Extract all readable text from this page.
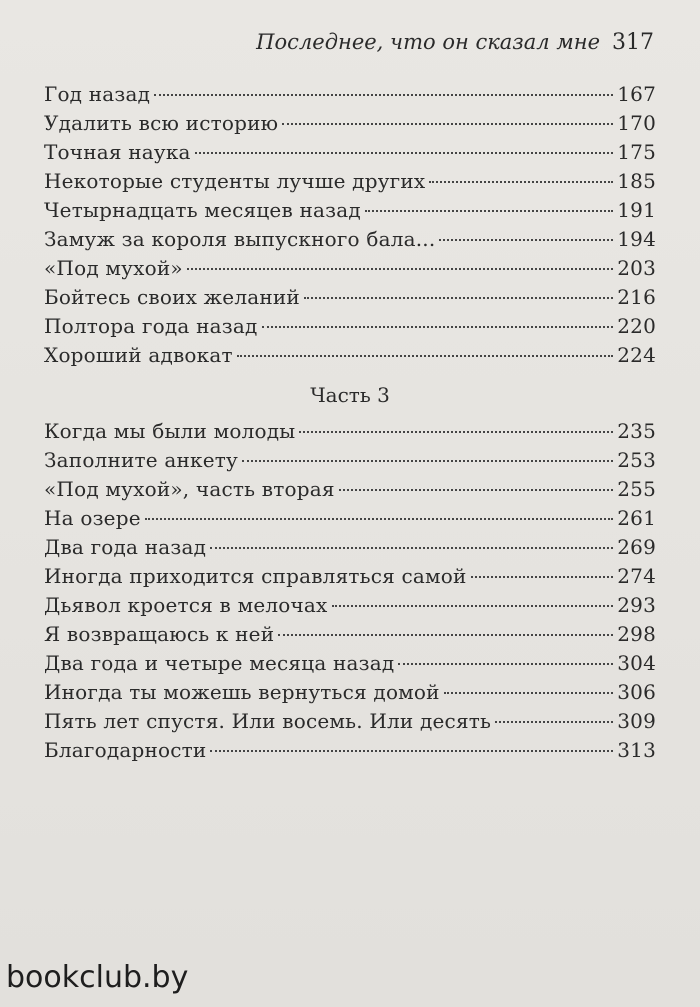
Последнее, что он сказал мне 317
Год назад	167
Удалить всю историю	170
Точная наука	175
Некоторые студенты лучше других	185
Четырнадцать месяцев назад	191
Замуж за короля выпускного бала...	194
«Под мухой»	203
Бойтесь своих желаний	216
Полтора года назад	220
Хороший адвокат	224
Часть 3
Когда мы были молоды	235
Заполните анкету	253
«Под мухой», часть вторая	255
На озере	261
Два года назад	269
Иногда приходится справляться самой	274
Дьявол кроется в мелочах	293
Я возвращаюсь к ней	298
Два года и четыре месяца назад	304
Иногда ты можешь вернуться домой	306
Пять лет спустя. Или восемь. Или десять	309
Благодарности	313
bookclub.by
